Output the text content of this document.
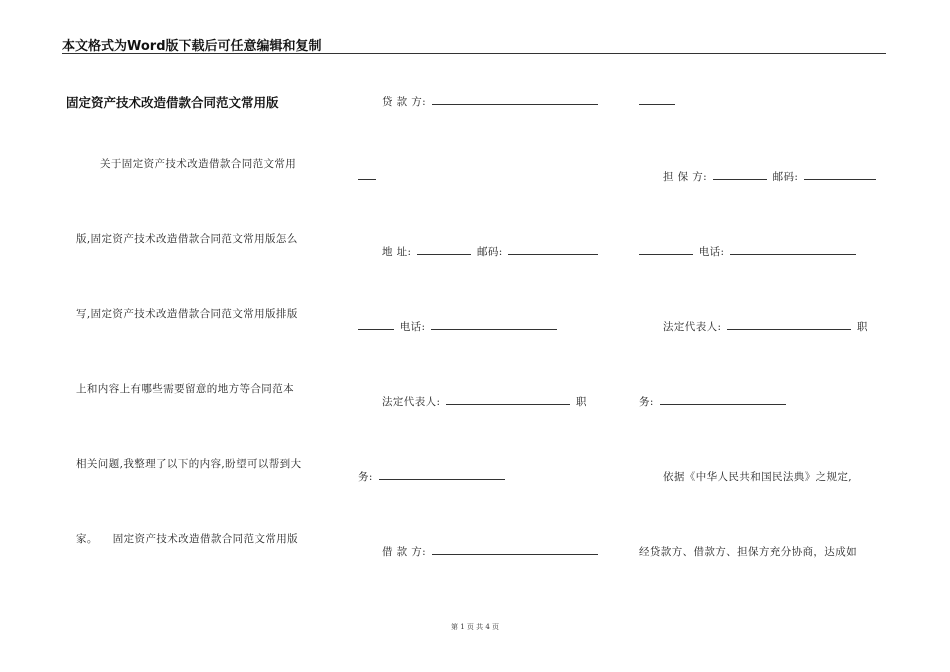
本文格式为Word版下载后可任意编辑和复制
固定资产技术改造借款合同范文常用版
关于固定资产技术改造借款合同范文常用
版,固定资产技术改造借款合同范文常用版怎么
写,固定资产技术改造借款合同范文常用版排版
上和内容上有哪些需要留意的地方等合同范本
相关问题,我整理了以下的内容,盼望可以帮到大
家。    固定资产技术改造借款合同范文常用版
贷 款 方:
地 址:	邮码:
电话:
法定代表人:	职
务:
借 款 方:
担 保 方:	邮码:
电话:
法定代表人:	职
务:
依据《中华人民共和国民法典》之规定,
经贷款方、借款方、担保方充分协商，达成如
第 1 页 共 4 页
